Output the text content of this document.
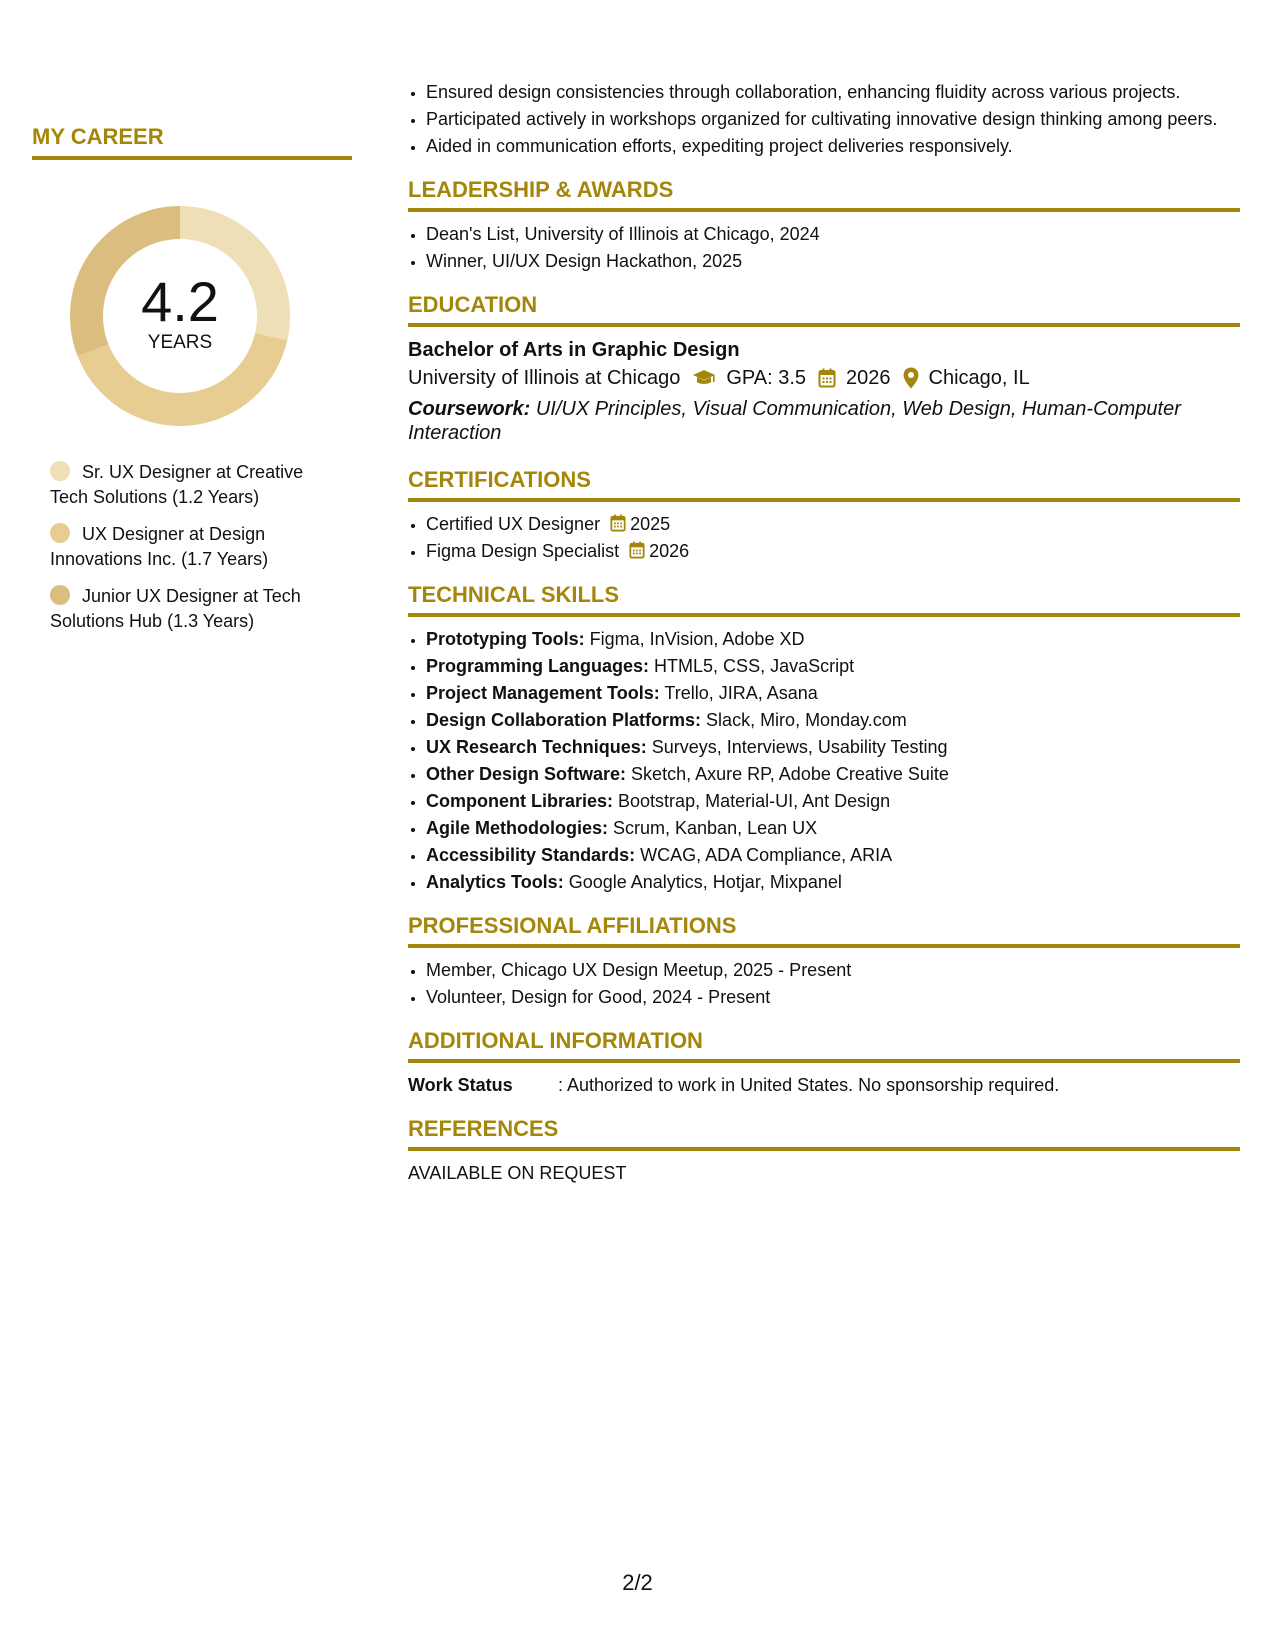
MY CAREER
4.2
YEARS
Sr. UX Designer at Creative Tech Solutions (1.2 Years)
UX Designer at Design Innovations Inc. (1.7 Years)
Junior UX Designer at Tech Solutions Hub (1.3 Years)
• Ensured design consistencies through collaboration, enhancing fluidity across various projects.
• Participated actively in workshops organized for cultivating innovative design thinking among peers.
• Aided in communication efforts, expediting project deliveries responsively.
LEADERSHIP & AWARDS
• Dean's List, University of Illinois at Chicago, 2024
• Winner, UI/UX Design Hackathon, 2025
EDUCATION
Bachelor of Arts in Graphic Design
University of Illinois at Chicago GPA: 3.5 2026 Chicago, IL
Coursework: UI/UX Principles, Visual Communication, Web Design, Human-Computer Interaction
CERTIFICATIONS
• Certified UX Designer 2025
• Figma Design Specialist 2026
TECHNICAL SKILLS
• Prototyping Tools: Figma, InVision, Adobe XD
• Programming Languages: HTML5, CSS, JavaScript
• Project Management Tools: Trello, JIRA, Asana
• Design Collaboration Platforms: Slack, Miro, Monday.com
• UX Research Techniques: Surveys, Interviews, Usability Testing
• Other Design Software: Sketch, Axure RP, Adobe Creative Suite
• Component Libraries: Bootstrap, Material-UI, Ant Design
• Agile Methodologies: Scrum, Kanban, Lean UX
• Accessibility Standards: WCAG, ADA Compliance, ARIA
• Analytics Tools: Google Analytics, Hotjar, Mixpanel
PROFESSIONAL AFFILIATIONS
• Member, Chicago UX Design Meetup, 2025 - Present
• Volunteer, Design for Good, 2024 - Present
ADDITIONAL INFORMATION
Work Status	: Authorized to work in United States. No sponsorship required.
REFERENCES
AVAILABLE ON REQUEST
2/2
